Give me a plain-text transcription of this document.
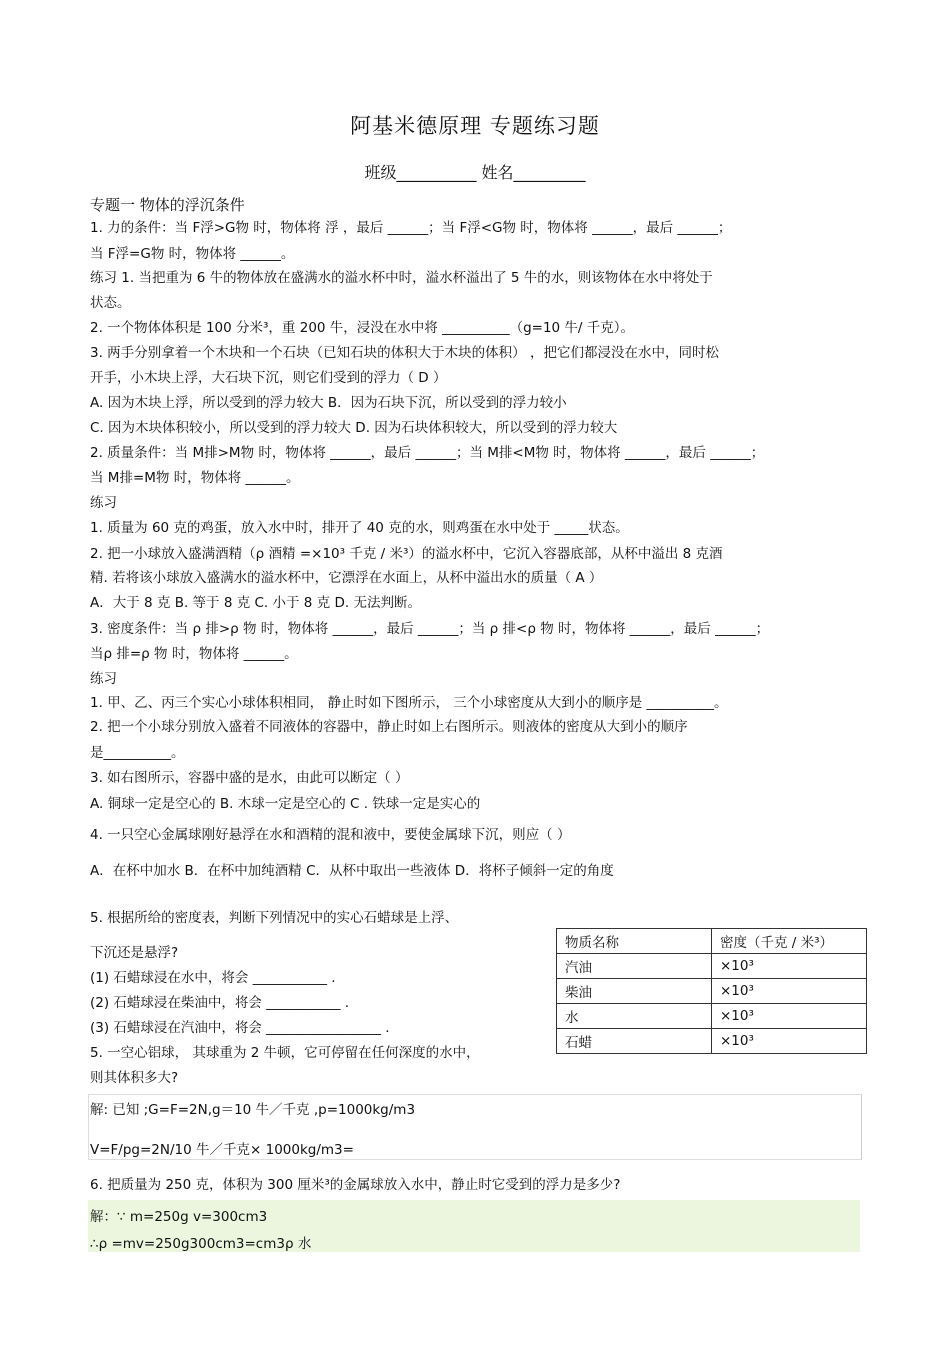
阿基米德原理 专题练习题
班级__________ 姓名_________
专题一 物体的浮沉条件
1. 力的条件：当 F浮>G物 时，物体将 浮 ，最后 ______；当 F浮<G物 时，物体将 ______，最后 ______；
当 F浮=G物 时，物体将 ______。
练习 1. 当把重为 6 牛的物体放在盛满水的溢水杯中时，溢水杯溢出了 5 牛的水，则该物体在水中将处于
状态。
2. 一个物体体积是 100 分米³，重 200 牛，浸没在水中将 __________（g=10 牛/ 千克）。
3. 两手分别拿着一个木块和一个石块（已知石块的体积大于木块的体积） ，把它们都浸没在水中，同时松
开手，小木块上浮，大石块下沉，则它们受到的浮力（ D ）
A. 因为木块上浮，所以受到的浮力较大 B．因为石块下沉，所以受到的浮力较小
C. 因为木块体积较小，所以受到的浮力较大 D. 因为石块体积较大，所以受到的浮力较大
2. 质量条件：当 M排>M物 时，物体将 ______，最后 ______；当 M排<M物 时，物体将 ______，最后 ______；
当 M排=M物 时，物体将 ______。
练习
1. 质量为 60 克的鸡蛋，放入水中时，排开了 40 克的水，则鸡蛋在水中处于 _____状态。
2. 把一小球放入盛满酒精（ρ 酒精 =×10³ 千克 / 米³）的溢水杯中，它沉入容器底部，从杯中溢出 8 克酒
精. 若将该小球放入盛满水的溢水杯中，它漂浮在水面上，从杯中溢出水的质量（ A ）
A．大于 8 克 B. 等于 8 克 C. 小于 8 克 D. 无法判断。
3. 密度条件：当 ρ 排>ρ 物 时，物体将 ______，最后 ______；当 ρ 排<ρ 物 时，物体将 ______，最后 ______；
当ρ 排=ρ 物 时，物体将 ______。
练习
1. 甲、乙、丙三个实心小球体积相同， 静止时如下图所示， 三个小球密度从大到小的顺序是 __________。
2. 把一个小球分别放入盛着不同液体的容器中，静止时如上右图所示。则液体的密度从大到小的顺序
是__________。
3. 如右图所示，容器中盛的是水，由此可以断定（ ）
A. 铜球一定是空心的 B. 木球一定是空心的 C . 铁球一定是实心的
4. 一只空心金属球刚好悬浮在水和酒精的混和液中，要使金属球下沉，则应（ ）
A．在杯中加水 B．在杯中加纯酒精 C．从杯中取出一些液体 D．将杯子倾斜一定的角度
5. 根据所给的密度表，判断下列情况中的实心石蜡球是上浮、
下沉还是悬浮?
(1) 石蜡球浸在水中，将会 ___________ .
(2) 石蜡球浸在柴油中，将会 ___________ .
(3) 石蜡球浸在汽油中，将会 _________________ .
5. 一空心铝球， 其球重为 2 牛顿，它可停留在任何深度的水中，
则其体积多大?
解: 已知 ;G=F=2N,g＝10 牛／千克 ,p=1000kg/m3
V=F/pg=2N/10 牛／千克× 1000kg/m3=
6. 把质量为 250 克，体积为 300 厘米³的金属球放入水中，静止时它受到的浮力是多少?
解：∵ m=250g v=300cm3
∴ρ =mv=250g300cm3=cm3ρ 水
物质名称	密度（千克 / 米³）
汽油	×10³
柴油	×10³
水	×10³
石蜡	×10³
